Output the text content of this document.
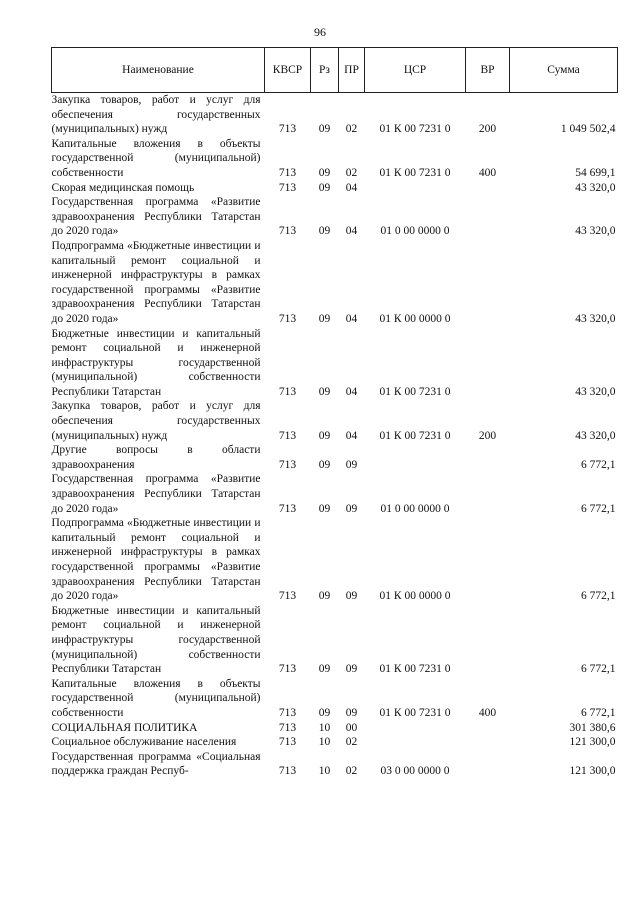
96
Наименование	КВСР	Рз	ПР	ЦСР	ВР	Сумма
Закупка товаров, работ и услуг для обеспечения государственных (муниципальных) нужд	713	09	02	01 К 00 7231 0	200	1 049 502,4
Капитальные вложения в объекты государственной (муниципальной) собственности	713	09	02	01 К 00 7231 0	400	54 699,1
Скорая медицинская помощь	713	09	04			43 320,0
Государственная программа «Развитие здравоохранения Республики Татарстан до 2020 года»	713	09	04	01 0 00 0000 0		43 320,0
Подпрограмма «Бюджетные инвестиции и капитальный ремонт социальной и инженерной инфраструктуры в рамках государственной программы «Развитие здравоохранения Республики Татарстан до 2020 года»	713	09	04	01 К 00 0000 0		43 320,0
Бюджетные инвестиции и капитальный ремонт социальной и инженерной инфраструктуры государственной (муниципальной) собственности Республики Татарстан	713	09	04	01 К 00 7231 0		43 320,0
Закупка товаров, работ и услуг для обеспечения государственных (муниципальных) нужд	713	09	04	01 К 00 7231 0	200	43 320,0
Другие вопросы в области здравоохранения	713	09	09			6 772,1
Государственная программа «Развитие здравоохранения Республики Татарстан до 2020 года»	713	09	09	01 0 00 0000 0		6 772,1
Подпрограмма «Бюджетные инвестиции и капитальный ремонт социальной и инженерной инфраструктуры в рамках государственной программы «Развитие здравоохранения Республики Татарстан до 2020 года»	713	09	09	01 К 00 0000 0		6 772,1
Бюджетные инвестиции и капитальный ремонт социальной и инженерной инфраструктуры государственной (муниципальной) собственности Республики Татарстан	713	09	09	01 К 00 7231 0		6 772,1
Капитальные вложения в объекты государственной (муниципальной) собственности	713	09	09	01 К 00 7231 0	400	6 772,1
СОЦИАЛЬНАЯ ПОЛИТИКА	713	10	00			301 380,6
Социальное обслуживание населения	713	10	02			121 300,0
Государственная программа «Социальная поддержка граждан Респуб-	713	10	02	03 0 00 0000 0		121 300,0
